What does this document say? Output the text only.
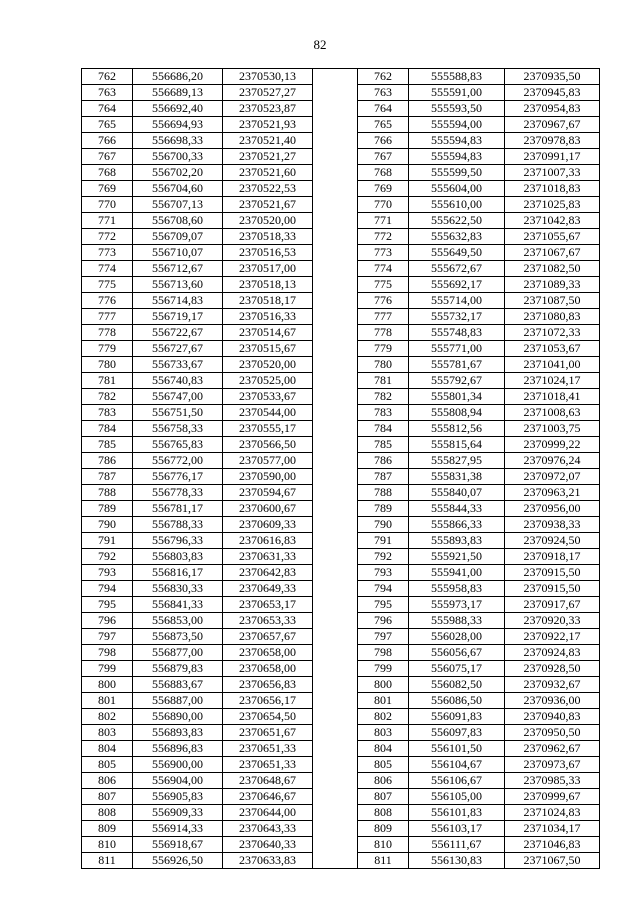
82
762	556686,20	2370530,13		762	555588,83	2370935,50
763	556689,13	2370527,27		763	555591,00	2370945,83
764	556692,40	2370523,87		764	555593,50	2370954,83
765	556694,93	2370521,93		765	555594,00	2370967,67
766	556698,33	2370521,40		766	555594,83	2370978,83
767	556700,33	2370521,27		767	555594,83	2370991,17
768	556702,20	2370521,60		768	555599,50	2371007,33
769	556704,60	2370522,53		769	555604,00	2371018,83
770	556707,13	2370521,67		770	555610,00	2371025,83
771	556708,60	2370520,00		771	555622,50	2371042,83
772	556709,07	2370518,33		772	555632,83	2371055,67
773	556710,07	2370516,53		773	555649,50	2371067,67
774	556712,67	2370517,00		774	555672,67	2371082,50
775	556713,60	2370518,13		775	555692,17	2371089,33
776	556714,83	2370518,17		776	555714,00	2371087,50
777	556719,17	2370516,33		777	555732,17	2371080,83
778	556722,67	2370514,67		778	555748,83	2371072,33
779	556727,67	2370515,67		779	555771,00	2371053,67
780	556733,67	2370520,00		780	555781,67	2371041,00
781	556740,83	2370525,00		781	555792,67	2371024,17
782	556747,00	2370533,67		782	555801,34	2371018,41
783	556751,50	2370544,00		783	555808,94	2371008,63
784	556758,33	2370555,17		784	555812,56	2371003,75
785	556765,83	2370566,50		785	555815,64	2370999,22
786	556772,00	2370577,00		786	555827,95	2370976,24
787	556776,17	2370590,00		787	555831,38	2370972,07
788	556778,33	2370594,67		788	555840,07	2370963,21
789	556781,17	2370600,67		789	555844,33	2370956,00
790	556788,33	2370609,33		790	555866,33	2370938,33
791	556796,33	2370616,83		791	555893,83	2370924,50
792	556803,83	2370631,33		792	555921,50	2370918,17
793	556816,17	2370642,83		793	555941,00	2370915,50
794	556830,33	2370649,33		794	555958,83	2370915,50
795	556841,33	2370653,17		795	555973,17	2370917,67
796	556853,00	2370653,33		796	555988,33	2370920,33
797	556873,50	2370657,67		797	556028,00	2370922,17
798	556877,00	2370658,00		798	556056,67	2370924,83
799	556879,83	2370658,00		799	556075,17	2370928,50
800	556883,67	2370656,83		800	556082,50	2370932,67
801	556887,00	2370656,17		801	556086,50	2370936,00
802	556890,00	2370654,50		802	556091,83	2370940,83
803	556893,83	2370651,67		803	556097,83	2370950,50
804	556896,83	2370651,33		804	556101,50	2370962,67
805	556900,00	2370651,33		805	556104,67	2370973,67
806	556904,00	2370648,67		806	556106,67	2370985,33
807	556905,83	2370646,67		807	556105,00	2370999,67
808	556909,33	2370644,00		808	556101,83	2371024,83
809	556914,33	2370643,33		809	556103,17	2371034,17
810	556918,67	2370640,33		810	556111,67	2371046,83
811	556926,50	2370633,83		811	556130,83	2371067,50
